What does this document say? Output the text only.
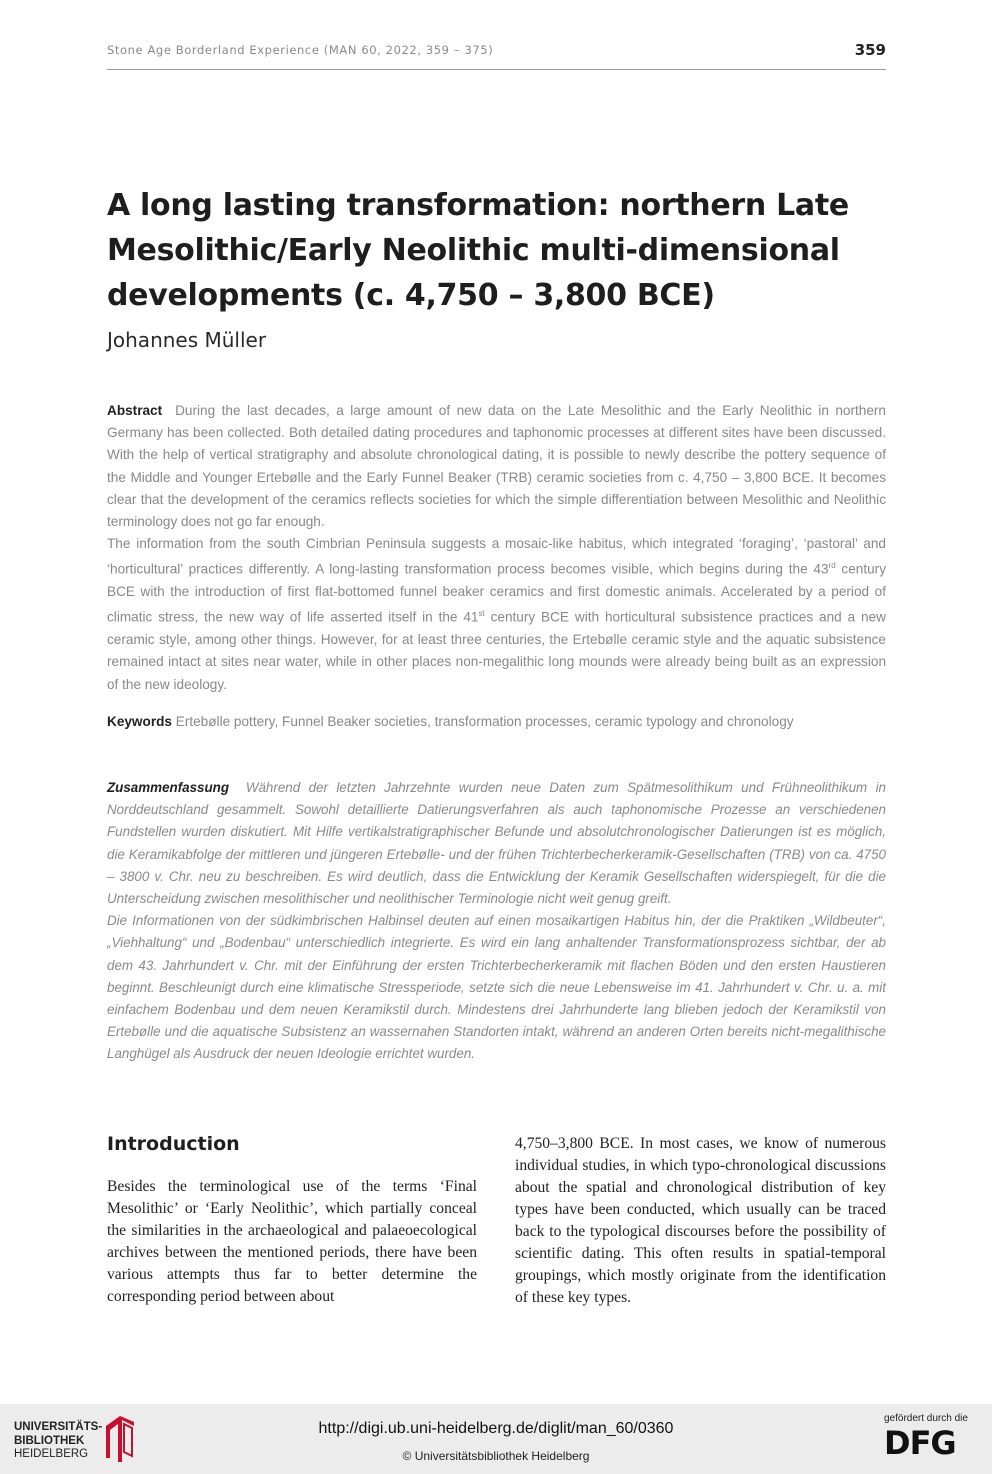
Stone Age Borderland Experience (MAN 60, 2022, 359 – 375)	359
A long lasting transformation: northern Late Mesolithic/Early Neolithic multi-dimensional developments (c. 4,750 – 3,800 BCE)
Johannes Müller

Abstract During the last decades, a large amount of new data on the Late Mesolithic and the Early Neolithic in northern Germany has been collected. Both detailed dating procedures and taphonomic processes at different sites have been discussed. With the help of vertical stratigraphy and absolute chronological dating, it is possible to newly describe the pottery sequence of the Middle and Younger Ertebølle and the Early Funnel Beaker (TRB) ceramic societies from c. 4,750 – 3,800 BCE. It becomes clear that the development of the ceramics reflects societies for which the simple differentiation between Mesolithic and Neolithic terminology does not go far enough.

The information from the south Cimbrian Peninsula suggests a mosaic-like habitus, which integrated ‘foraging’, ‘pastoral’ and ‘horticultural’ practices differently. A long-lasting transformation process becomes visible, which begins during the 43rd century BCE with the introduction of first flat-bottomed funnel beaker ceramics and first domestic animals. Accelerated by a period of climatic stress, the new way of life asserted itself in the 41st century BCE with horticultural subsistence practices and a new ceramic style, among other things. However, for at least three centuries, the Ertebølle ceramic style and the aquatic subsistence remained intact at sites near water, while in other places non-megalithic long mounds were already being built as an expression of the new ideology.

Keywords Ertebølle pottery, Funnel Beaker societies, transformation processes, ceramic typology and chronology

Zusammenfassung Während der letzten Jahrzehnte wurden neue Daten zum Spätmesolithikum und Frühneolithikum in Norddeutschland gesammelt. Sowohl detaillierte Datierungsverfahren als auch taphonomische Prozesse an verschiedenen Fundstellen wurden diskutiert. Mit Hilfe vertikalstratigraphischer Befunde und absolutchronologischer Datierungen ist es möglich, die Keramikabfolge der mittleren und jüngeren Ertebølle- und der frühen Trichterbecherkeramik-Gesellschaften (TRB) von ca. 4750 – 3800 v. Chr. neu zu beschreiben. Es wird deutlich, dass die Entwicklung der Keramik Gesellschaften widerspiegelt, für die die Unterscheidung zwischen mesolithischer und neolithischer Terminologie nicht weit genug greift.

Die Informationen von der südkimbrischen Halbinsel deuten auf einen mosaikartigen Habitus hin, der die Praktiken „Wildbeuter“, „Viehhaltung“ und „Bodenbau“ unterschiedlich integrierte. Es wird ein lang anhaltender Transformationsprozess sichtbar, der ab dem 43. Jahrhundert v. Chr. mit der Einführung der ersten Trichterbecherkeramik mit flachen Böden und den ersten Haustieren beginnt. Beschleunigt durch eine klimatische Stressperiode, setzte sich die neue Lebensweise im 41. Jahrhundert v. Chr. u. a. mit einfachem Bodenbau und dem neuen Keramikstil durch. Mindestens drei Jahrhunderte lang blieben jedoch der Keramikstil von Ertebølle und die aquatische Subsistenz an wassernahen Standorten intakt, während an anderen Orten bereits nicht-megalithische Langhügel als Ausdruck der neuen Ideologie errichtet wurden.

Introduction

Besides the terminological use of the terms ‘Final Mesolithic’ or ‘Early Neolithic’, which partially conceal the similarities in the archaeological and palaeoecological archives between the mentioned periods, there have been various attempts thus far to better determine the corresponding period between about

4,750–3,800 BCE. In most cases, we know of numerous individual studies, in which typo-chronological discussions about the spatial and chronological distribution of key types have been conducted, which usually can be traced back to the typological discourses before the possibility of scientific dating. This often results in spatial-temporal groupings, which mostly originate from the identification of these key types.

UNIVERSITÄTS-
BIBLIOTHEK
HEIDELBERG
http://digi.ub.uni-heidelberg.de/diglit/man_60/0360
© Universitätsbibliothek Heidelberg
gefördert durch die
DFG
